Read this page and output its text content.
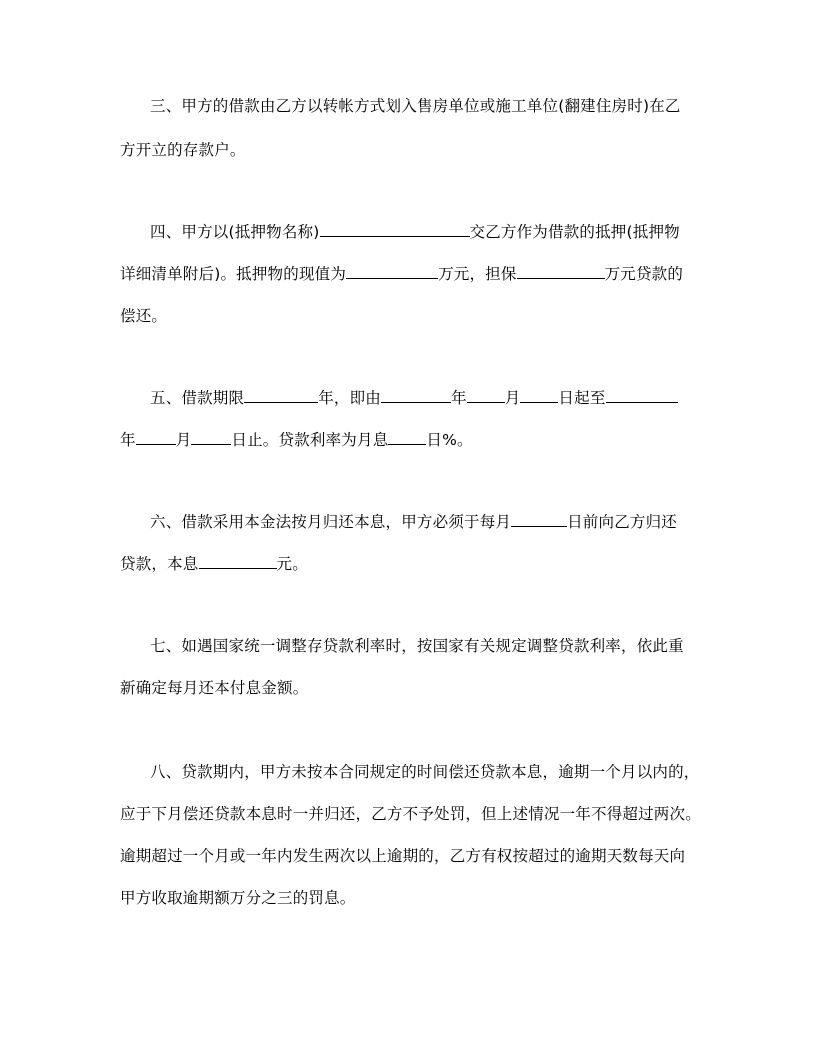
三、甲方的借款由乙方以转帐方式划入售房单位或施工单位(翻建住房时)在乙
方开立的存款户。
四、甲方以(抵押物名称)	交乙方作为借款的抵押(抵押物
详细清单附后)。抵押物的现值为	万元，担保	万元贷款的
偿还。
五、借款期限	年，即由	年 月 日起至
年	月	日止。贷款利率为月息 日%。
六、借款采用本金法按月归还本息，甲方必须于每月	日前向乙方归还
贷款，本息	元。
七、如遇国家统一调整存贷款利率时，按国家有关规定调整贷款利率，依此重
新确定每月还本付息金额。
八、贷款期内，甲方未按本合同规定的时间偿还贷款本息，逾期一个月以内的，
应于下月偿还贷款本息时一并归还，乙方不予处罚，但上述情况一年不得超过两次。
逾期超过一个月或一年内发生两次以上逾期的，乙方有权按超过的逾期天数每天向
甲方收取逾期额万分之三的罚息。
